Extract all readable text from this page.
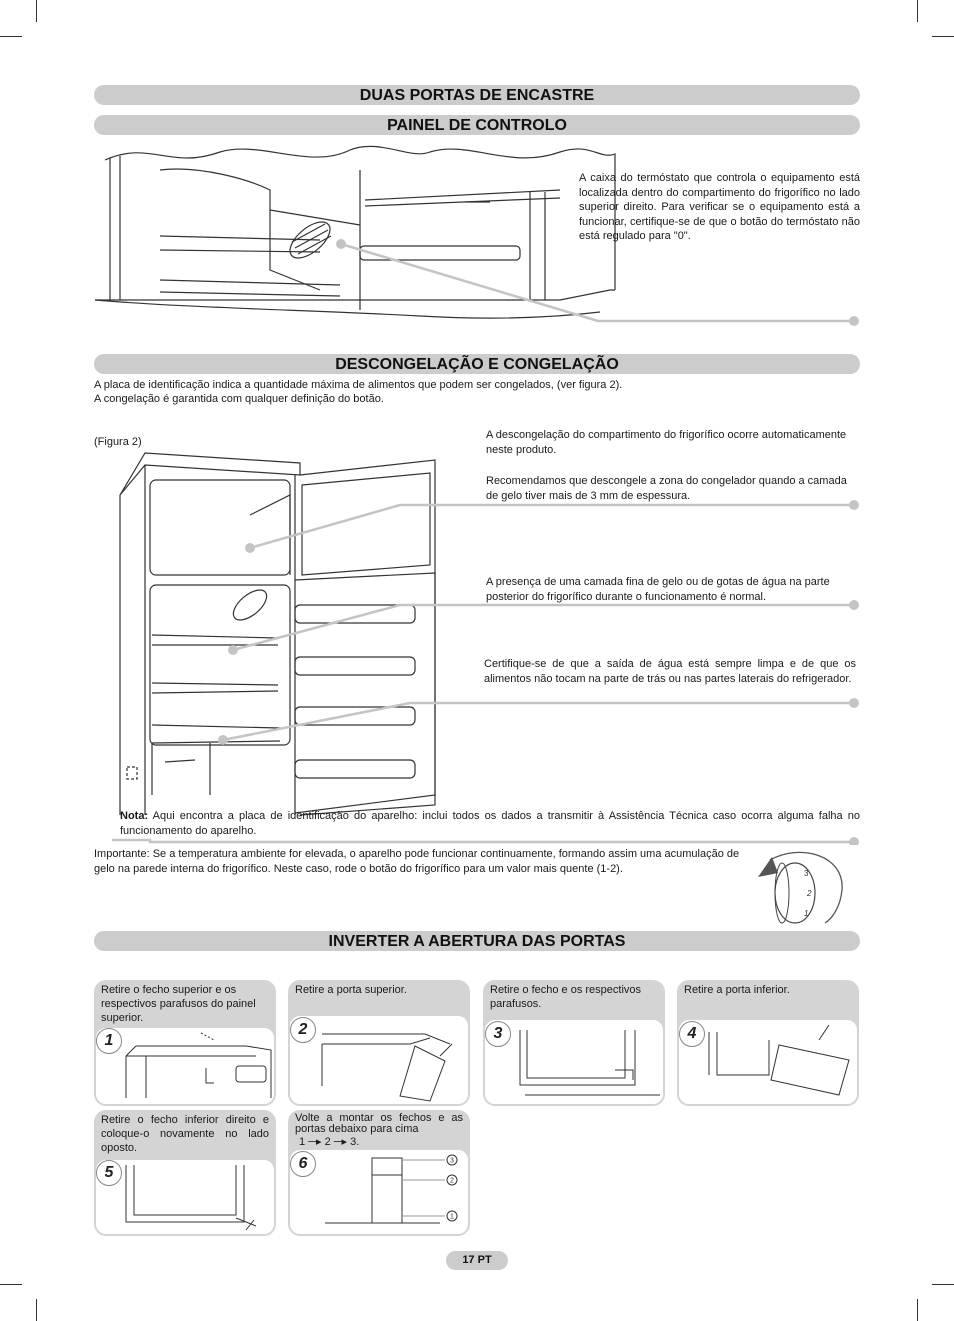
DUAS PORTAS DE ENCASTRE
PAINEL DE CONTROLO
A caixa do termóstato que controla o equipamento está localizada dentro do compartimento do frigorífico no lado superior direito. Para verificar se o equipamento está a funcionar, certifique-se de que o botão do termóstato não está regulado para "0".
DESCONGELAÇÃO E CONGELAÇÃO
A placa de identificação indica a quantidade máxima de alimentos que podem ser congelados, (ver figura 2).
A congelação é garantida com qualquer definição do botão.
(Figura 2)
A descongelação do compartimento do frigorífico ocorre automaticamente neste produto.
Recomendamos que descongele a zona do congelador quando a camada de gelo tiver mais de 3 mm de espessura.
A presença de uma camada fina de gelo ou de gotas de água na parte posterior do frigorífico durante o funcionamento é normal.
Certifique-se de que a saída de água está sempre limpa e de que os alimentos não tocam na parte de trás ou nas partes laterais do refrigerador.
Nota: Aqui encontra a placa de identificação do aparelho: inclui todos os dados a transmitir à Assistência Técnica caso ocorra alguma falha no funcionamento do aparelho.
Importante: Se a temperatura ambiente for elevada, o aparelho pode funcionar continuamente, formando assim uma acumulação de gelo na parede interna do frigorífico. Neste caso, rode o botão do frigorífico para um valor mais quente (1-2).	3
2
1
INVERTER A ABERTURA DAS PORTAS
Retire o fecho superior e os respectivos parafusos do painel superior.
1
Retire a porta superior.
2
Retire o fecho e os respectivos parafusos.
3
Retire a porta inferior.
4
Retire o fecho inferior direito e coloque-o novamente no lado oposto.
5
Volte a montar os fechos e as portas debaixo para cima
1 ─▸ 2 ─▸ 3.
3
2
1
6
17 PT
